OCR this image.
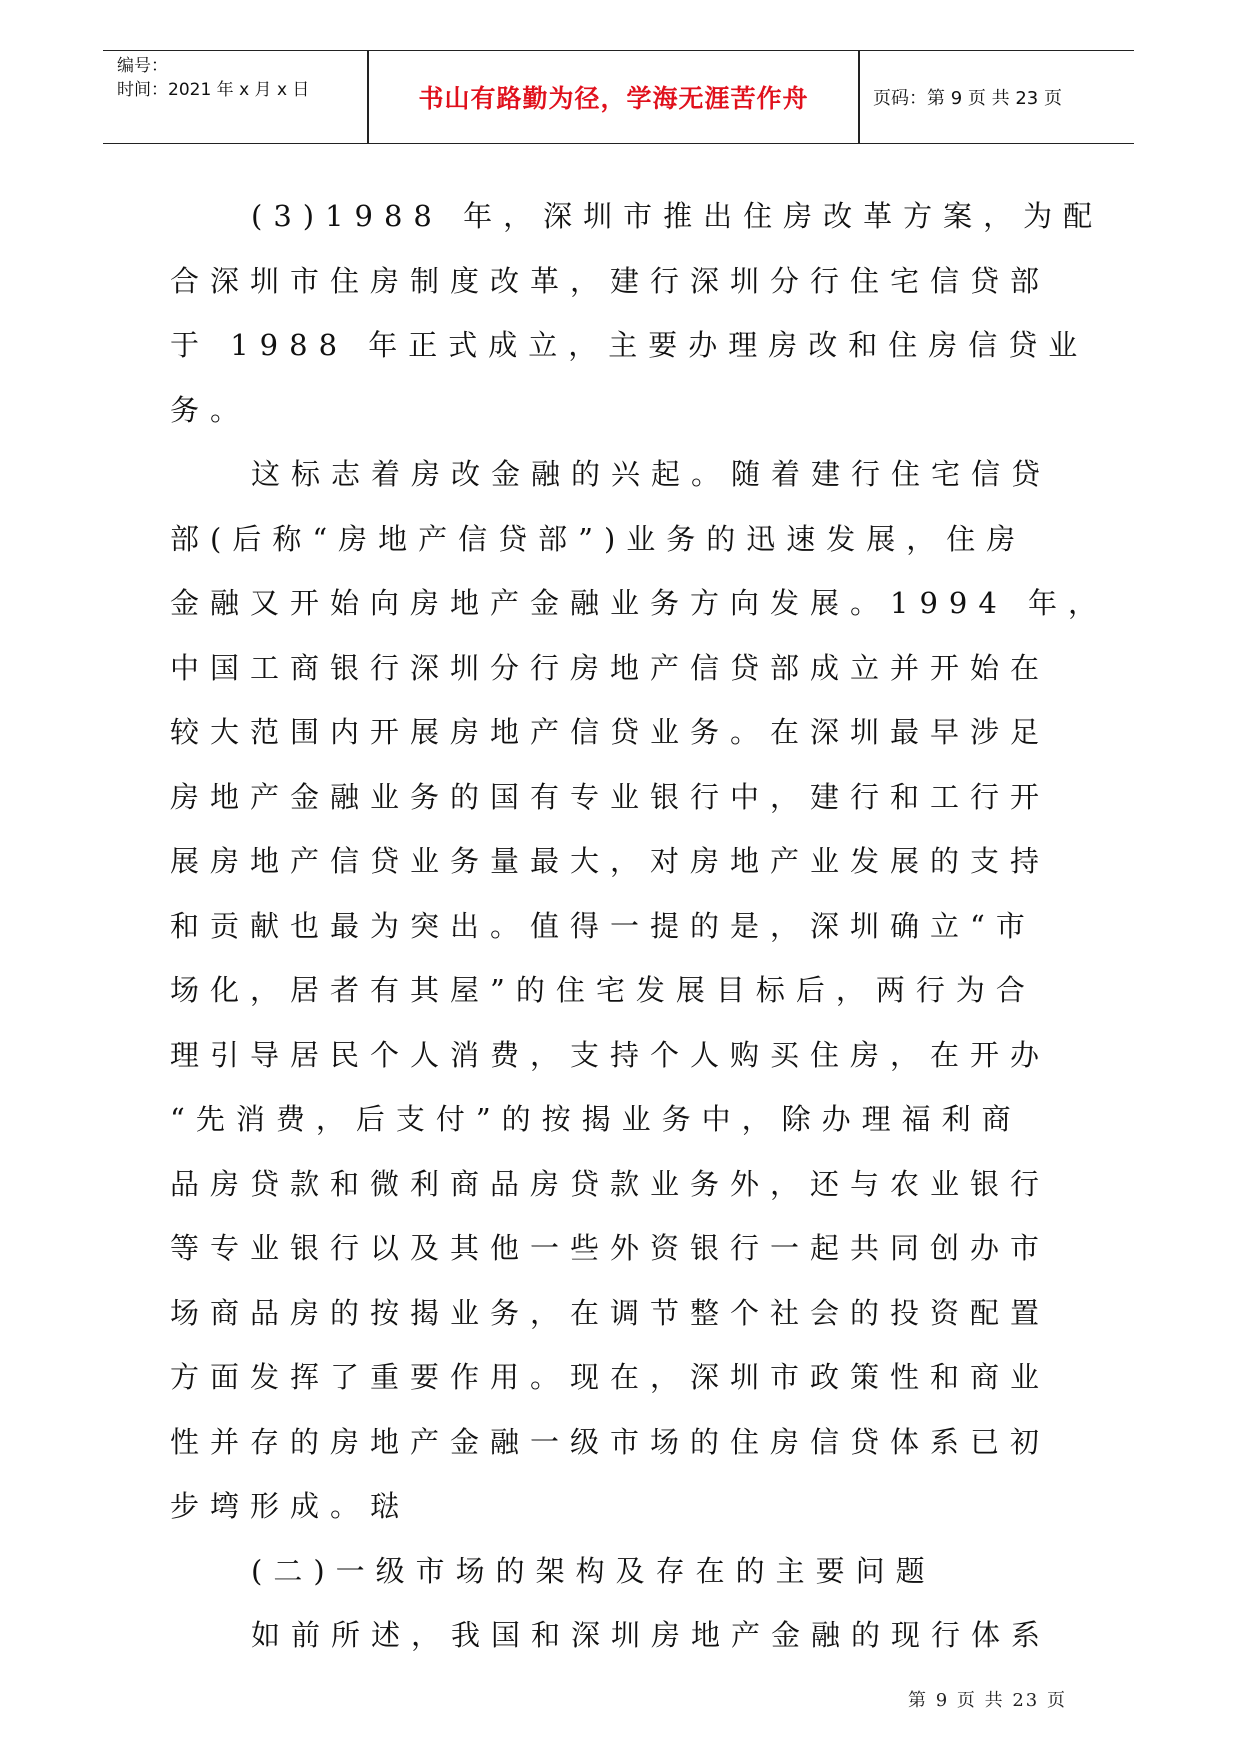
编号：
时间：2021 年 x 月 x 日	书山有路勤为径，学海无涯苦作舟	页码：第 9 页 共 23 页
(3)1988 年，深圳市推出住房改革方案，为配
合深圳市住房制度改革，建行深圳分行住宅信贷部
于 1988 年正式成立，主要办理房改和住房信贷业
务。
这标志着房改金融的兴起。随着建行住宅信贷
部(后称“房地产信贷部”)业务的迅速发展，住房
金融又开始向房地产金融业务方向发展。1994 年，
中国工商银行深圳分行房地产信贷部成立并开始在
较大范围内开展房地产信贷业务。在深圳最早涉足
房地产金融业务的国有专业银行中，建行和工行开
展房地产信贷业务量最大，对房地产业发展的支持
和贡献也最为突出。值得一提的是，深圳确立“市
场化，居者有其屋”的住宅发展目标后，两行为合
理引导居民个人消费，支持个人购买住房，在开办
“先消费，后支付”的按揭业务中，除办理福利商
品房贷款和微利商品房贷款业务外，还与农业银行
等专业银行以及其他一些外资银行一起共同创办市
场商品房的按揭业务，在调节整个社会的投资配置
方面发挥了重要作用。现在，深圳市政策性和商业
性并存的房地产金融一级市场的住房信贷体系已初
步塆形成。琺
(二)一级市场的架构及存在的主要问题
如前所述，我国和深圳房地产金融的现行体系
第 9 页 共 23 页
